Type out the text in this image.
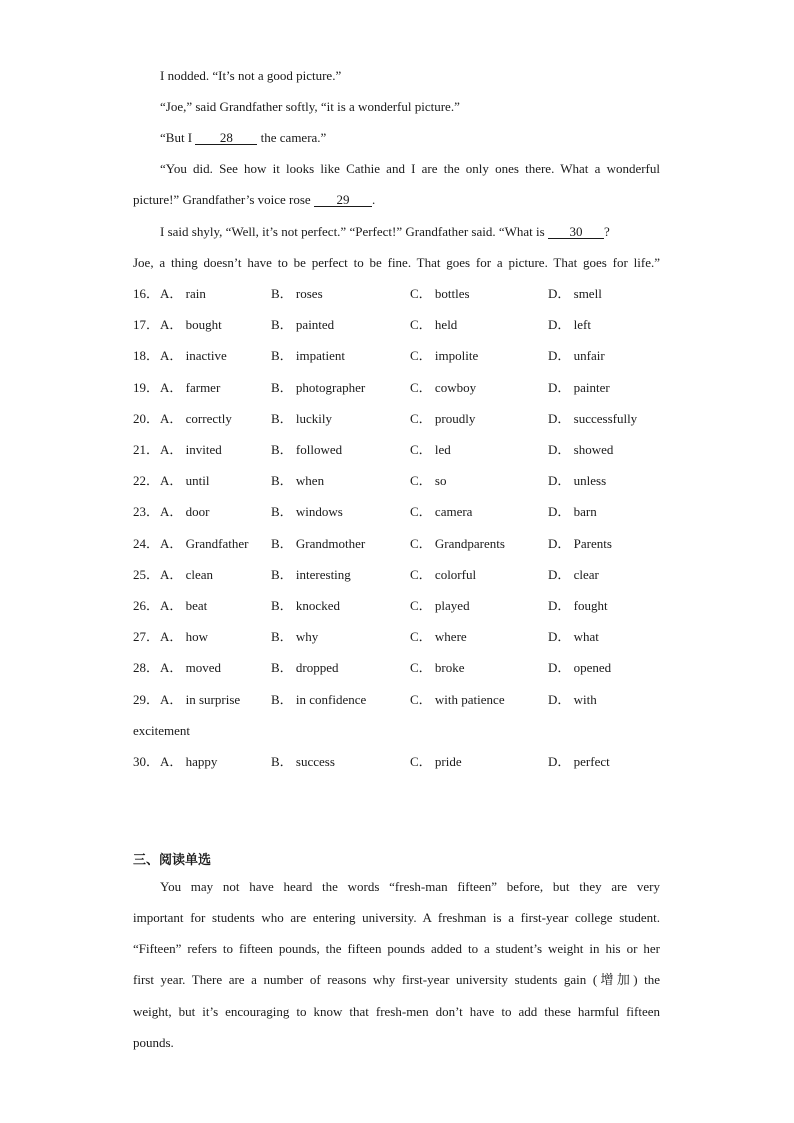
I nodded. “It’s not a good picture.”
“Joe,” said Grandfather softly, “it is a wonderful picture.”
“But I 28 the camera.”
“You did. See how it looks like Cathie and I are the only ones there. What a wonderful
picture!” Grandfather’s voice rose 29 .
I said shyly, “Well, it’s not perfect.” “Perfect!” Grandfather said. “What is 30 ?
Joe, a thing doesn’t have to be perfect to be fine. That goes for a picture. That goes for life.”
16． A． rain	B． roses	C． bottles	D． smell
17． A． bought	B． painted	C． held	D． left
18． A． inactive	B． impatient	C． impolite	D． unfair
19． A． farmer	B． photographer	C． cowboy	D． painter
20． A． correctly	B． luckily	C． proudly	D． successfully
21． A． invited	B． followed	C． led	D． showed
22． A． until	B． when	C． so	D． unless
23． A． door	B． windows	C． camera	D． barn
24． A． Grandfather B． Grandmother	C． Grandparents	D． Parents
25． A． clean	B． interesting	C． colorful	D． clear
26． A． beat	B． knocked	C． played	D． fought
27． A． how	B． why	C． where	D． what
28． A． moved	B． dropped	C． broke	D． opened
29． A． in surprise B． in confidence	C． with patience	D． with
excitement
30． A． happy	B． success	C． pride	D． perfect
三、阅读单选
You may not have heard the words “fresh-man fifteen” before, but they are very
important for students who are entering university. A freshman is a first-year college student.
“Fifteen” refers to fifteen pounds, the fifteen pounds added to a student’s weight in his or her
first year. There are a number of reasons why first-year university students gain (增加) the
weight, but it’s encouraging to know that fresh-men don’t have to add these harmful fifteen
pounds.
